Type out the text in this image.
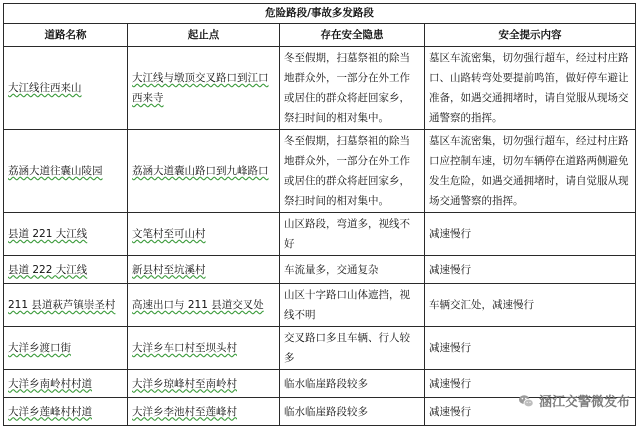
危险路段/事故多发路段			
道路名称	起止点	存在安全隐患	安全提示内容
大江线往西来山	大江线与墩顶交叉路口到江口西来寺	冬至假期，扫墓祭祖的除当地群众外，一部分在外工作或居住的群众将赶回家乡，祭扫时间的相对集中。	墓区车流密集，切勿强行超车，经过村庄路口、山路转弯处要提前鸣笛，做好停车避让准备，如遇交通拥堵时，请自觉服从现场交通警察的指挥。
荔涵大道往囊山陵园	荔涵大道囊山路口到九峰路口	冬至假期，扫墓祭祖的除当地群众外，一部分在外工作或居住的群众将赶回家乡，祭扫时间的相对集中。	墓区车流密集，切勿强行超车，经过村庄路口应控制车速，切勿车辆停在道路两侧避免发生危险，如遇交通拥堵时，请自觉服从现场交通警察的指挥。
县道 221 大江线	文笔村至可山村	山区路段，弯道多，视线不好	减速慢行
县道 222 大江线	新县村至坑溪村	车流量多，交通复杂	减速慢行
211 县道萩芦镇崇圣村	高速出口与 211 县道交叉处	山区十字路口山体遮挡，视线不明	车辆交汇处，减速慢行
大洋乡渡口街	大洋乡车口村至坝头村	交叉路口多且车辆、行人较多	减速慢行
大洋乡南岭村村道	大洋乡琼峰村至南岭村	临水临崖路段较多	减速慢行
大洋乡莲峰村村道	大洋乡李池村至莲峰村	临水临崖路段较多	减速慢行
涵江交警微发布
